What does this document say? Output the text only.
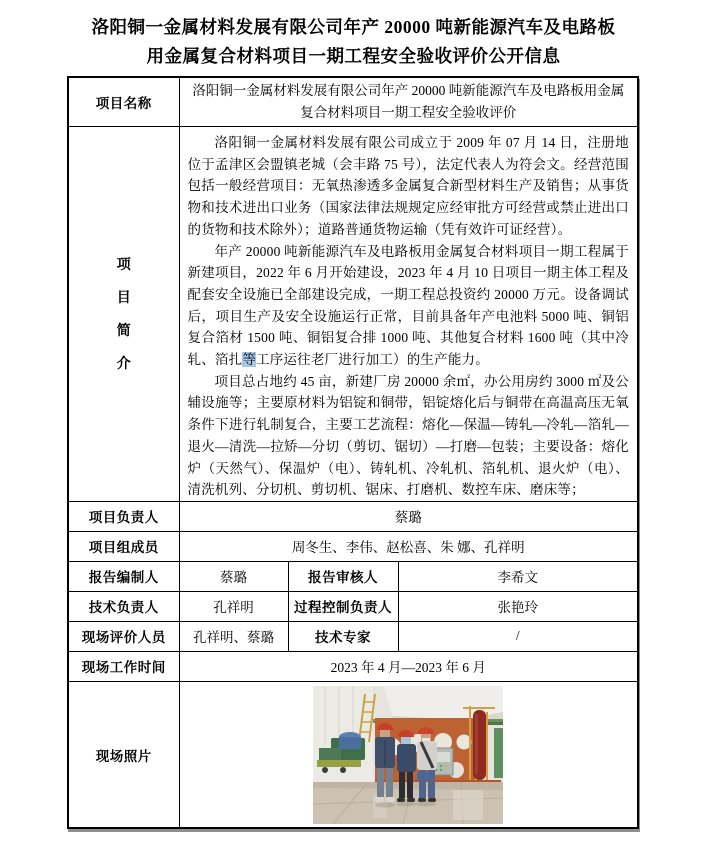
洛阳铜一金属材料发展有限公司年产 20000 吨新能源汽车及电路板
用金属复合材料项目一期工程安全验收评价公开信息
项目名称	洛阳铜一金属材料发展有限公司年产 20000 吨新能源汽车及电路板用金属复合材料项目一期工程安全验收评价		

项
目
简
介

洛阳铜一金属材料发展有限公司成立于 2009 年 07 月 14 日，注册地位于孟津区会盟镇老城（会丰路 75 号），法定代表人为符会文。经营范围包括一般经营项目：无氧热渗透多金属复合新型材料生产及销售；从事货物和技术进出口业务（国家法律法规规定应经审批方可经营或禁止进出口的货物和技术除外）；道路普通货物运输（凭有效许可证经营）。

年产 20000 吨新能源汽车及电路板用金属复合材料项目一期工程属于新建项目，2022 年 6 月开始建设，2023 年 4 月 10 日项目一期主体工程及配套安全设施已全部建设完成，一期工程总投资约 20000 万元。设备调试后，项目生产及安全设施运行正常，目前具备年产电池料 5000 吨、铜铝复合箔材 1500 吨、铜铝复合排 1000 吨、其他复合材料 1600 吨（其中冷轧、箔扎等工序运往老厂进行加工）的生产能力。

项目总占地约 45 亩，新建厂房 20000 余㎡，办公用房约 3000 ㎡及公辅设施等；主要原材料为铝锭和铜带，铝锭熔化后与铜带在高温高压无氧条件下进行轧制复合，主要工艺流程：熔化—保温—铸轧—冷轧—箔轧—退火—清洗—拉矫—分切（剪切、锯切）—打磨—包装；主要设备：熔化炉（天然气）、保温炉（电）、铸轧机、冷轧机、箔轧机、退火炉（电）、清洗机列、分切机、剪切机、锯床、打磨机、数控车床、磨床等；

项目负责人	蔡璐		
项目组成员	周冬生、李伟、赵松喜、朱 娜、孔祥明		
报告编制人	蔡璐	报告审核人	李希文
技术负责人	孔祥明	过程控制负责人	张艳玲
现场评价人员	孔祥明、蔡璐	技术专家	/
现场工作时间	2023 年 4 月—2023 年 6 月		
现场照片	
